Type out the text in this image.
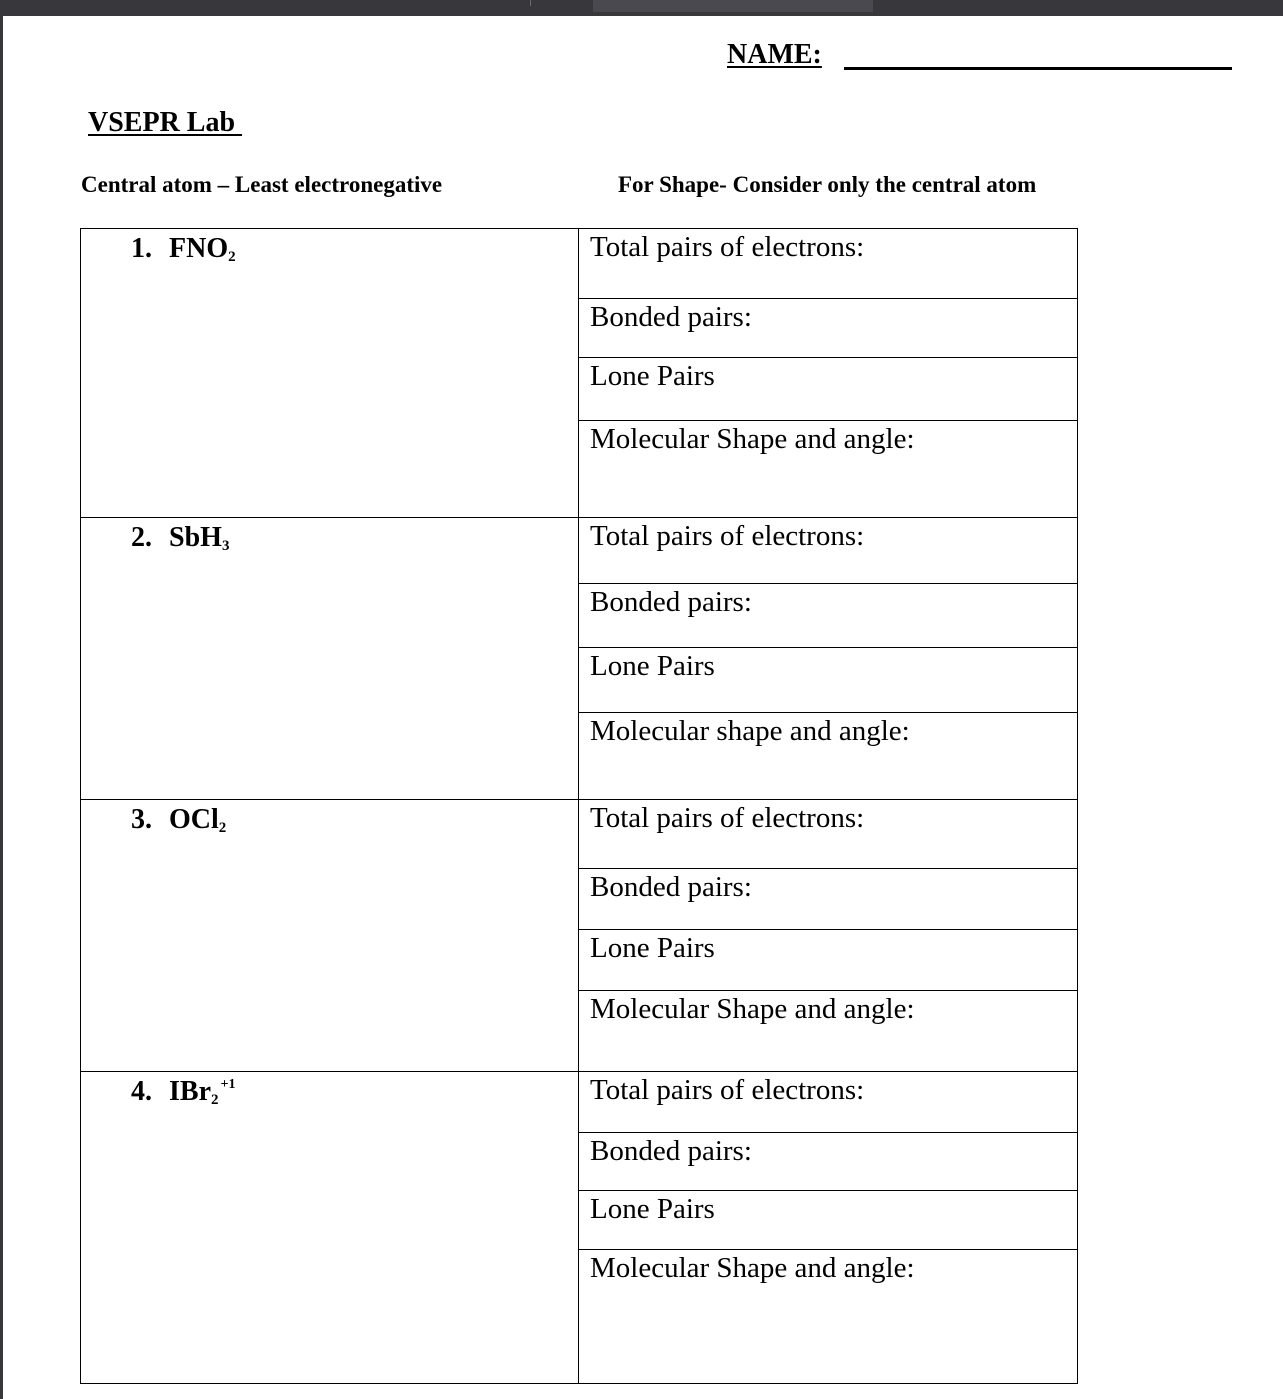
NAME:
VSEPR Lab
Central atom – Least electronegative	For Shape- Consider only the central atom
1. $FNO_2$	Total pairs of electrons:
Bonded pairs:
Lone Pairs
Molecular Shape and angle:
2. SbH$_3$	Total pairs of electrons:
Bonded pairs:
Lone Pairs
Molecular shape and angle:
3. OCl$_2$	Total pairs of electrons:
Bonded pairs:
Lone Pairs
Molecular Shape and angle:
4. IBr$_2^{+1}$	Total pairs of electrons:
Bonded pairs:
Lone Pairs
Molecular Shape and angle:
